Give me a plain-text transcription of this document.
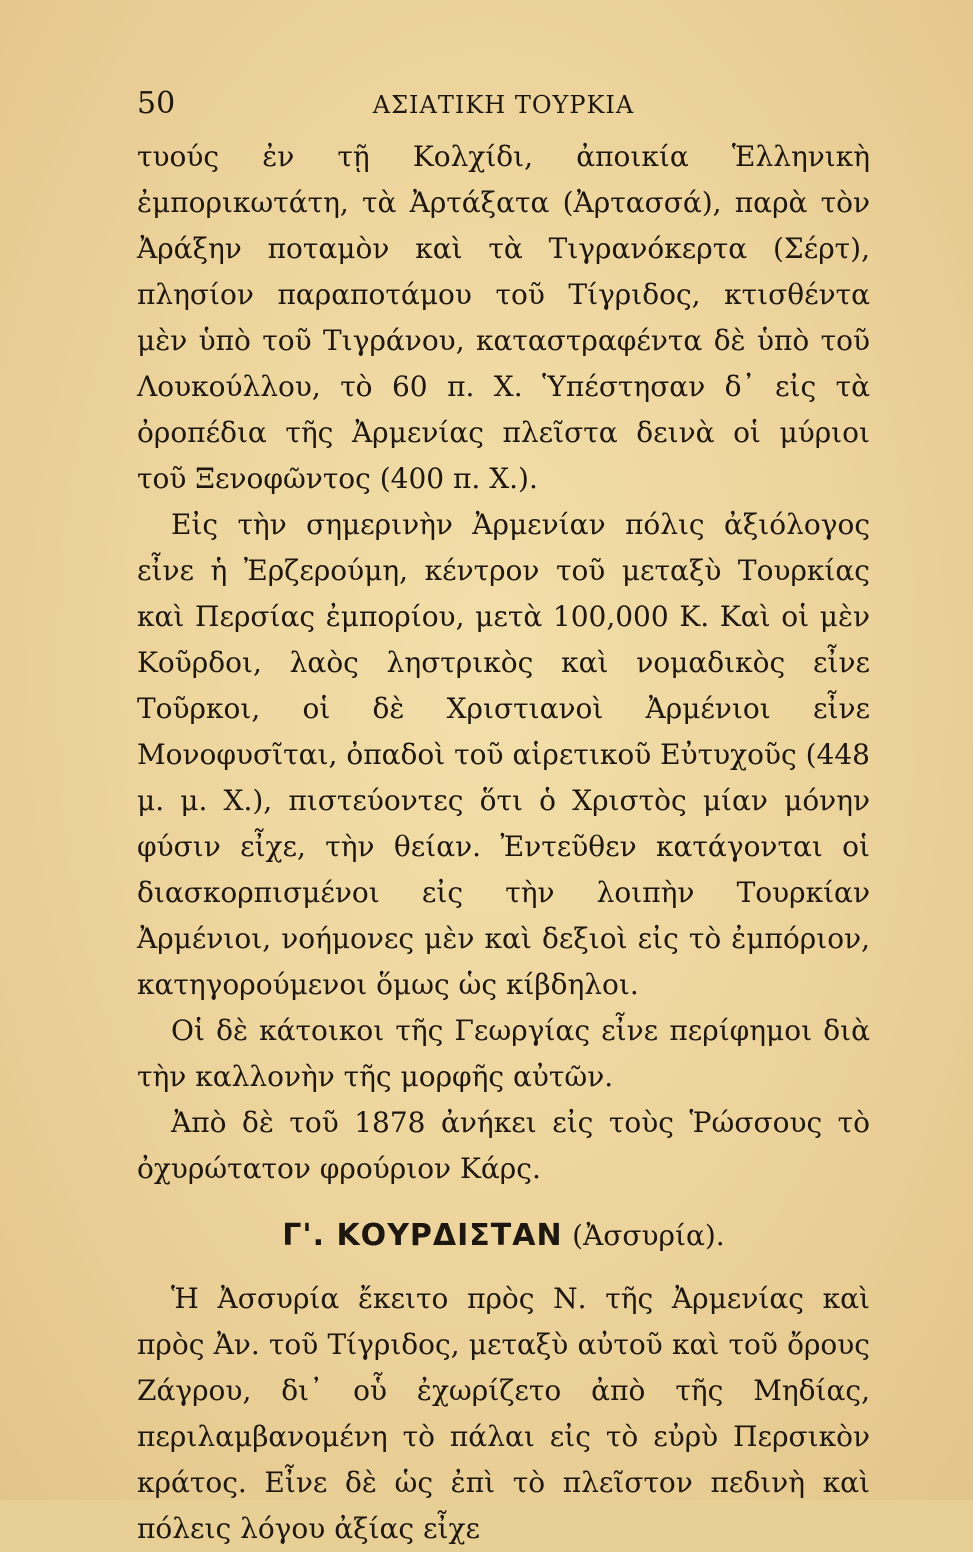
50	ΑΣΙΑΤΙΚΗ ΤΟΥΡΚΙΑ

τυούς ἐν τῇ Κολχίδι, ἀποικία Ἑλληνικὴ ἐμπορικωτάτη, τὰ Ἀρτάξατα (Ἀρτασσά), παρὰ τὸν Ἀράξην ποταμὸν καὶ τὰ Τιγρανόκερτα (Σέρτ), πλησίον παραποτάμου τοῦ Τίγριδος, κτισθέντα μὲν ὑπὸ τοῦ Τιγράνου, καταστραφέντα δὲ ὑπὸ τοῦ Λουκούλλου, τὸ 60 π. Χ. Ὑπέστησαν δ᾽ εἰς τὰ ὀροπέδια τῆς Ἀρμενίας πλεῖστα δεινὰ οἱ μύριοι τοῦ Ξενοφῶντος (400 π. Χ.).

Εἰς τὴν σημερινὴν Ἀρμενίαν πόλις ἀξιόλογος εἶνε ἡ Ἐρζερούμη, κέντρον τοῦ μεταξὺ Τουρκίας καὶ Περσίας ἐμπορίου, μετὰ 100,000 Κ. Καὶ οἱ μὲν Κοῦρδοι, λαὸς ληστρικὸς καὶ νομαδικὸς εἶνε Τοῦρκοι, οἱ δὲ Χριστιανοὶ Ἀρμένιοι εἶνε Μονοφυσῖται, ὀπαδοὶ τοῦ αἱρετικοῦ Εὐτυχοῦς (448 μ. μ. Χ.), πιστεύοντες ὅτι ὁ Χριστὸς μίαν μόνην φύσιν εἶχε, τὴν θείαν. Ἐντεῦθεν κατάγονται οἱ διασκορπισμένοι εἰς τὴν λοιπὴν Τουρκίαν Ἀρμένιοι, νοήμονες μὲν καὶ δεξιοὶ εἰς τὸ ἐμπόριον, κατηγορούμενοι ὅμως ὡς κίβδηλοι.

Οἱ δὲ κάτοικοι τῆς Γεωργίας εἶνε περίφημοι διὰ τὴν καλλονὴν τῆς μορφῆς αὐτῶν.

Ἀπὸ δὲ τοῦ 1878 ἀνήκει εἰς τοὺς Ῥώσσους τὸ ὀχυρώτατον φρούριον Κάρς.

Γ'. ΚΟΥΡΔΙΣΤΑΝ (Ἀσσυρία).

Ἡ Ἀσσυρία ἔκειτο πρὸς Ν. τῆς Ἀρμενίας καὶ πρὸς Ἀν. τοῦ Τίγριδος, μεταξὺ αὐτοῦ καὶ τοῦ ὄρους Ζάγρου, δι᾽ οὗ ἐχωρίζετο ἀπὸ τῆς Μηδίας, περιλαμβανομένη τὸ πάλαι εἰς τὸ εὐρὺ Περσικὸν κράτος. Εἶνε δὲ ὡς ἐπὶ τὸ πλεῖστον πεδινὴ καὶ πόλεις λόγου ἀξίας εἶχε
